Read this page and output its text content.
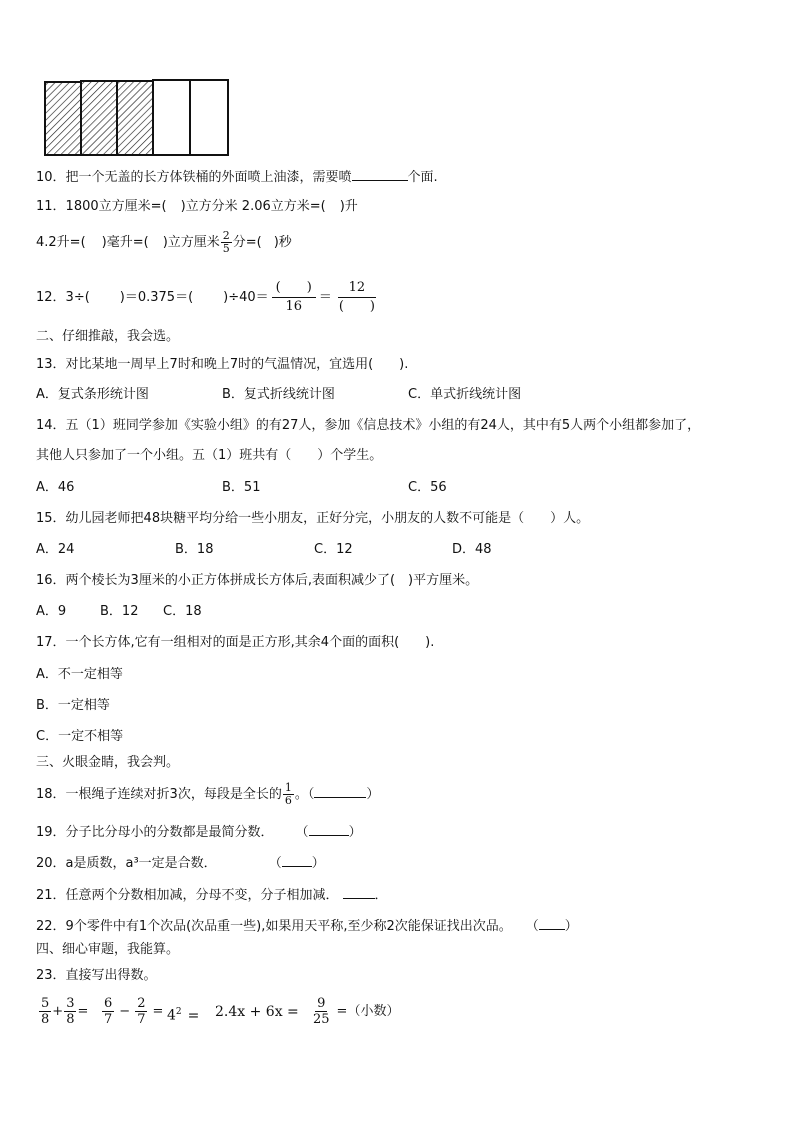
10．把一个无盖的长方体铁桶的外面喷上油漆，需要喷	个面.
11．1800立方厘米=( )立方分米 2.06立方米=( )升
4.2升=( )毫升=( )立方厘米 $\frac{2}{5}$ 分=( )秒
12．3÷( )＝0.375＝( )$\div 40= \frac{( )}{16} = \frac{12}{( )}$
二、仔细推敲，我会选。
13．对比某地一周早上7时和晚上7时的气温情况，宜选用(　　).
A．复式条形统计图	B．复式折线统计图	C．单式折线统计图
14．五（1）班同学参加《实验小组》的有27人，参加《信息技术》小组的有24人，其中有5人两个小组都参加了，
其他人只参加了一个小组。五（1）班共有（　　）个学生。
A．46	B．51	C．56
15．幼儿园老师把48块糖平均分给一些小朋友，正好分完，小朋友的人数不可能是（　　）人。
A．24	B．18	C．12	D．48
16．两个棱长为3厘米的小正方体拼成长方体后,表面积减少了(　)平方厘米。
A．9	B．12 C．18
17．一个长方体,它有一组相对的面是正方形,其余4个面的面积(　　).
A．不一定相等
B．一定相等
C．一定不相等
三、火眼金睛，我会判。
18．一根绳子连续对折3次，每段是全长的 $\frac{1}{6}$ 。（	）
19．分子比分母小的分数都是最简分数． （	）
20．a是质数，a³一定是合数．	（ ）
21．任意两个分数相加减，分母不变，分子相加减．	．
22．9个零件中有1个次品(次品重一些),如果用天平称,至少称2次能保证找出次品。 （ ）
四、细心审题，我能算。
23．直接写出得数。
$\frac{5}{8} + \frac{3}{8} = \frac{6}{7} - \frac{2}{7} = 4^2 = 2.4x + 6x = \frac{9}{25}$ =（小数）
